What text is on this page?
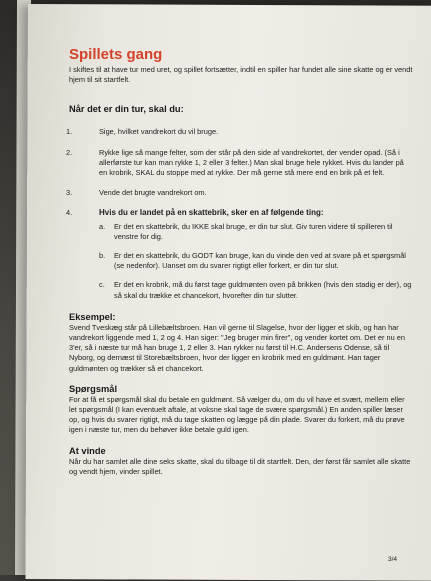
Spillets gang
I skiftes til at have tur med uret, og spillet fortsætter, indtil en spiller har fundet alle sine skatte og er vendt hjem til sit startfelt.
Når det er din tur, skal du:
1.	Sige, hvilket vandrekort du vil bruge.
2.	Rykke lige så mange felter, som der står på den side af vandrekortet, der vender opad. (Så i allerførste tur kan man rykke 1, 2 eller 3 felter.) Man skal bruge hele rykket. Hvis du lander på en krobrik, SKAL du stoppe med at rykke. Der må gerne stå mere end en brik på et felt.
3.	Vende det brugte vandrekort om.
4.	Hvis du er landet på en skattebrik, sker en af følgende ting:
a. Er det en skattebrik, du IKKE skal bruge, er din tur slut. Giv turen videre til spilleren til venstre for dig.
b. Er det en skattebrik, du GODT kan bruge, kan du vinde den ved at svare på et spørgsmål (se nedenfor). Uanset om du svarer rigtigt eller forkert, er din tur slut.
c. Er det en krobrik, må du først tage guldmønten oven på brikken (hvis den stadig er der), og så skal du trække et chancekort, hvorefter din tur slutter.
Eksempel:
Svend Tveskæg står på Lillebæltsbroen. Han vil gerne til Slagelse, hvor der ligger et skib, og han har vandrekort liggende med 1, 2 og 4. Han siger: "Jeg bruger min firer", og vender kortet om. Det er nu en 3'er, så i næste tur må han bruge 1, 2 eller 3. Han rykker nu først til H.C. Andersens Odense, så til Nyborg, og dernæst til Storebæltsbroen, hvor der ligger en krobrik med en guldmønt. Han tager guldmønten og trækker så et chancekort.
Spørgsmål
For at få et spørgsmål skal du betale en guldmønt. Så vælger du, om du vil have et svært, mellem eller let spørgsmål (I kan eventuelt aftale, at voksne skal tage de svære spørgsmål.) En anden spiller læser op, og hvis du svarer rigtigt, må du tage skatten og lægge på din plade. Svarer du forkert, må du prøve igen i næste tur, men du behøver ikke betale guld igen.
At vinde
Når du har samlet alle dine seks skatte, skal du tilbage til dit startfelt. Den, der først får samlet alle skatte og vendt hjem, vinder spillet.
3/4
